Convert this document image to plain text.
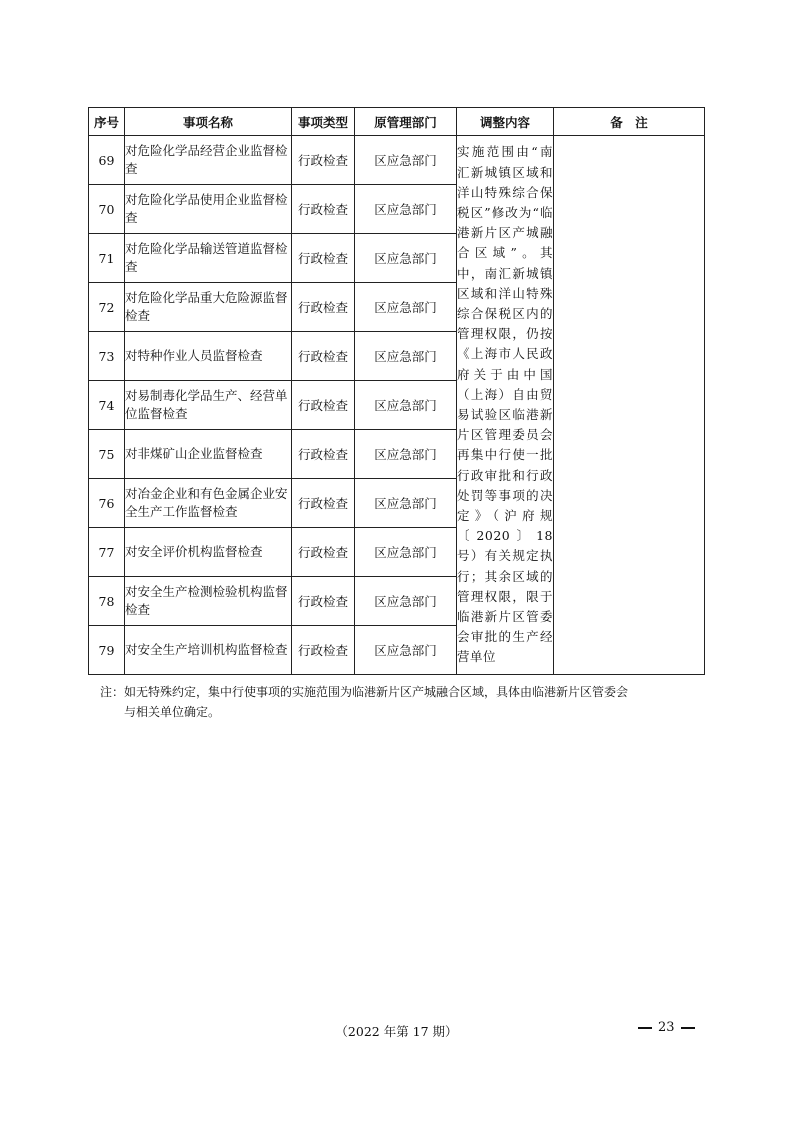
序号	事项名称	事项类型	原管理部门	调整内容	备　注
69	对危险化学品经营企业监督检查	行政检查	区应急部门	实施范围由“南汇新城镇区域和洋山特殊综合保税区”修改为“临港新片区产城融合区域”。其中，南汇新城镇区域和洋山特殊综合保税区内的管理权限，仍按《上海市人民政府关于由中国（上海）自由贸易试验区临港新片区管理委员会再集中行使一批行政审批和行政处罚等事项的决定》（沪府规〔2020〕18号）有关规定执行；其余区域的管理权限，限于临港新片区管委会审批的生产经营单位	
70	对危险化学品使用企业监督检查	行政检查	区应急部门		
71	对危险化学品输送管道监督检查	行政检查	区应急部门		
72	对危险化学品重大危险源监督检查	行政检查	区应急部门		
73	对特种作业人员监督检查	行政检查	区应急部门		
74	对易制毒化学品生产、经营单位监督检查	行政检查	区应急部门		
75	对非煤矿山企业监督检查	行政检查	区应急部门		
76	对冶金企业和有色金属企业安全生产工作监督检查	行政检查	区应急部门		
77	对安全评价机构监督检查	行政检查	区应急部门		
78	对安全生产检测检验机构监督检查	行政检查	区应急部门		
79	对安全生产培训机构监督检查	行政检查	区应急部门		
注：如无特殊约定，集中行使事项的实施范围为临港新片区产城融合区域，具体由临港新片区管委会
与相关单位确定。
（2022 年第 17 期）	23
